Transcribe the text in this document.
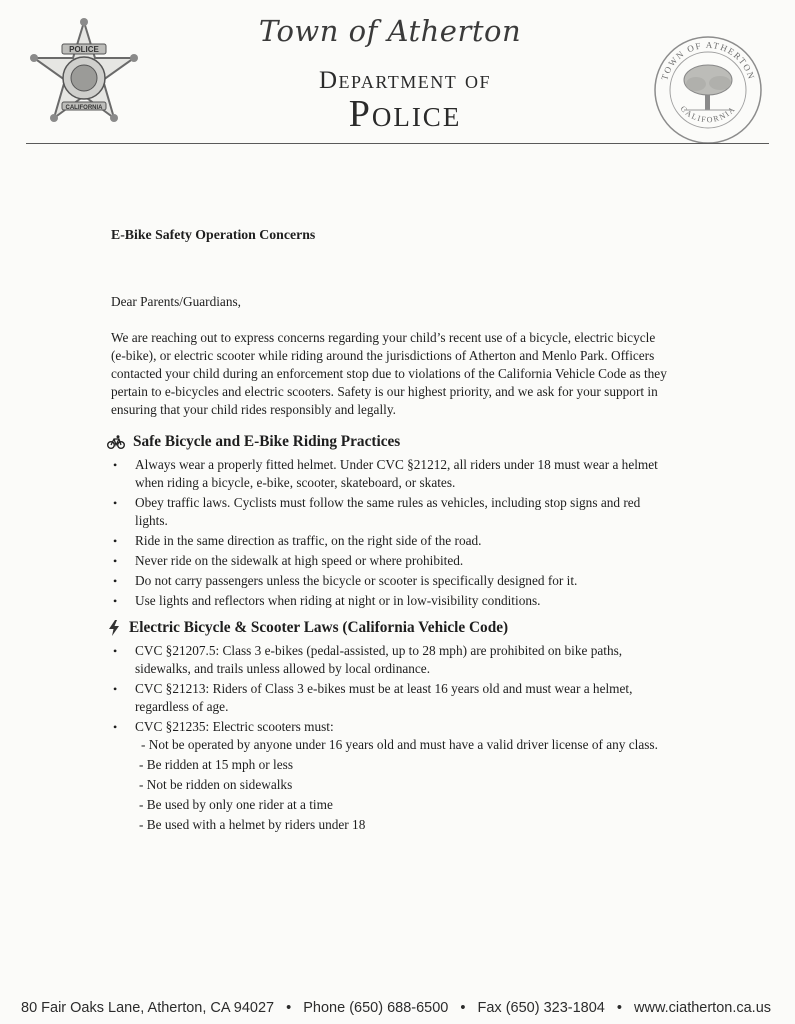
POLICE
CALIFORNIA
Town of Atherton
Department of
Police
TOWN OF ATHERTON
CALIFORNIA

E-Bike Safety Operation Concerns

Dear Parents/Guardians,

We are reaching out to express concerns regarding your child’s recent use of a bicycle, electric bicycle (e-bike), or electric scooter while riding around the jurisdictions of Atherton and Menlo Park. Officers contacted your child during an enforcement stop due to violations of the California Vehicle Code as they pertain to e-bicycles and electric scooters. Safety is our highest priority, and we ask for your support in ensuring that your child rides responsibly and legally.

Safe Bicycle and E-Bike Riding Practices
• Always wear a properly fitted helmet. Under CVC §21212, all riders under 18 must wear a helmet when riding a bicycle, e-bike, scooter, skateboard, or skates.
• Obey traffic laws. Cyclists must follow the same rules as vehicles, including stop signs and red lights.
• Ride in the same direction as traffic, on the right side of the road.
• Never ride on the sidewalk at high speed or where prohibited.
• Do not carry passengers unless the bicycle or scooter is specifically designed for it.
• Use lights and reflectors when riding at night or in low-visibility conditions.
Electric Bicycle & Scooter Laws (California Vehicle Code)
• CVC §21207.5: Class 3 e-bikes (pedal-assisted, up to 28 mph) are prohibited on bike paths, sidewalks, and trails unless allowed by local ordinance.
• CVC §21213: Riders of Class 3 e-bikes must be at least 16 years old and must wear a helmet, regardless of age.
• CVC §21235: Electric scooters must:
- Not be operated by anyone under 16 years old and must have a valid driver license of any class.
- Be ridden at 15 mph or less
- Not be ridden on sidewalks
- Be used by only one rider at a time
- Be used with a helmet by riders under 18
80 Fair Oaks Lane, Atherton, CA 94027 • Phone (650) 688-6500 • Fax (650) 323-1804 • www.ciatherton.ca.us
